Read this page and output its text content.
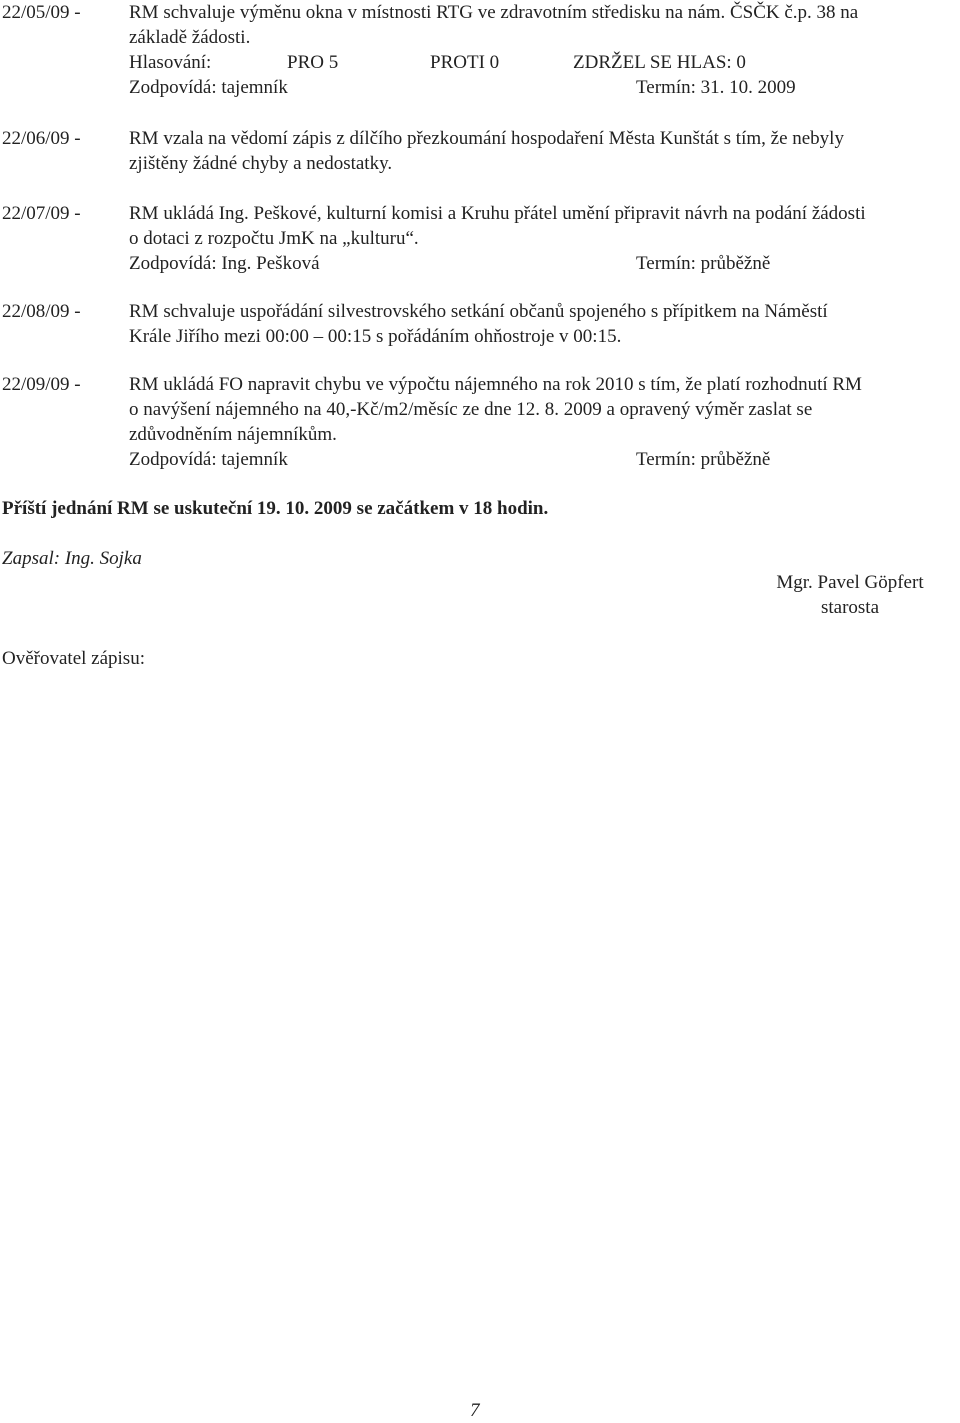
22/05/09 -	RM schvaluje výměnu okna v místnosti RTG ve zdravotním středisku na nám. ČSČK č.p. 38 na
základě žádosti.
Hlasování:	PRO 5	PROTI 0	ZDRŽEL SE HLAS: 0
Zodpovídá: tajemník	Termín: 31. 10. 2009
22/06/09 -	RM vzala na vědomí zápis z dílčího přezkoumání hospodaření Města Kunštát s tím, že nebyly
zjištěny žádné chyby a nedostatky.
22/07/09 -	RM ukládá Ing. Peškové, kulturní komisi a Kruhu přátel umění připravit návrh na podání žádosti
o dotaci z rozpočtu JmK na „kulturu“.
Zodpovídá: Ing. Pešková	Termín: průběžně
22/08/09 -	RM schvaluje uspořádání silvestrovského setkání občanů spojeného s přípitkem na Náměstí
Krále Jiřího mezi 00:00 – 00:15 s pořádáním ohňostroje v 00:15.
22/09/09 -	RM ukládá FO napravit chybu ve výpočtu nájemného na rok 2010 s tím, že platí rozhodnutí RM
o navýšení nájemného na 40,-Kč/m2/měsíc ze dne 12. 8. 2009 a opravený výměr zaslat se
zdůvodněním nájemníkům.
Zodpovídá: tajemník	Termín: průběžně
Příští jednání RM se uskuteční 19. 10. 2009 se začátkem v 18 hodin.
Zapsal: Ing. Sojka
Mgr. Pavel Göpfert
starosta
Ověřovatel zápisu:
7
